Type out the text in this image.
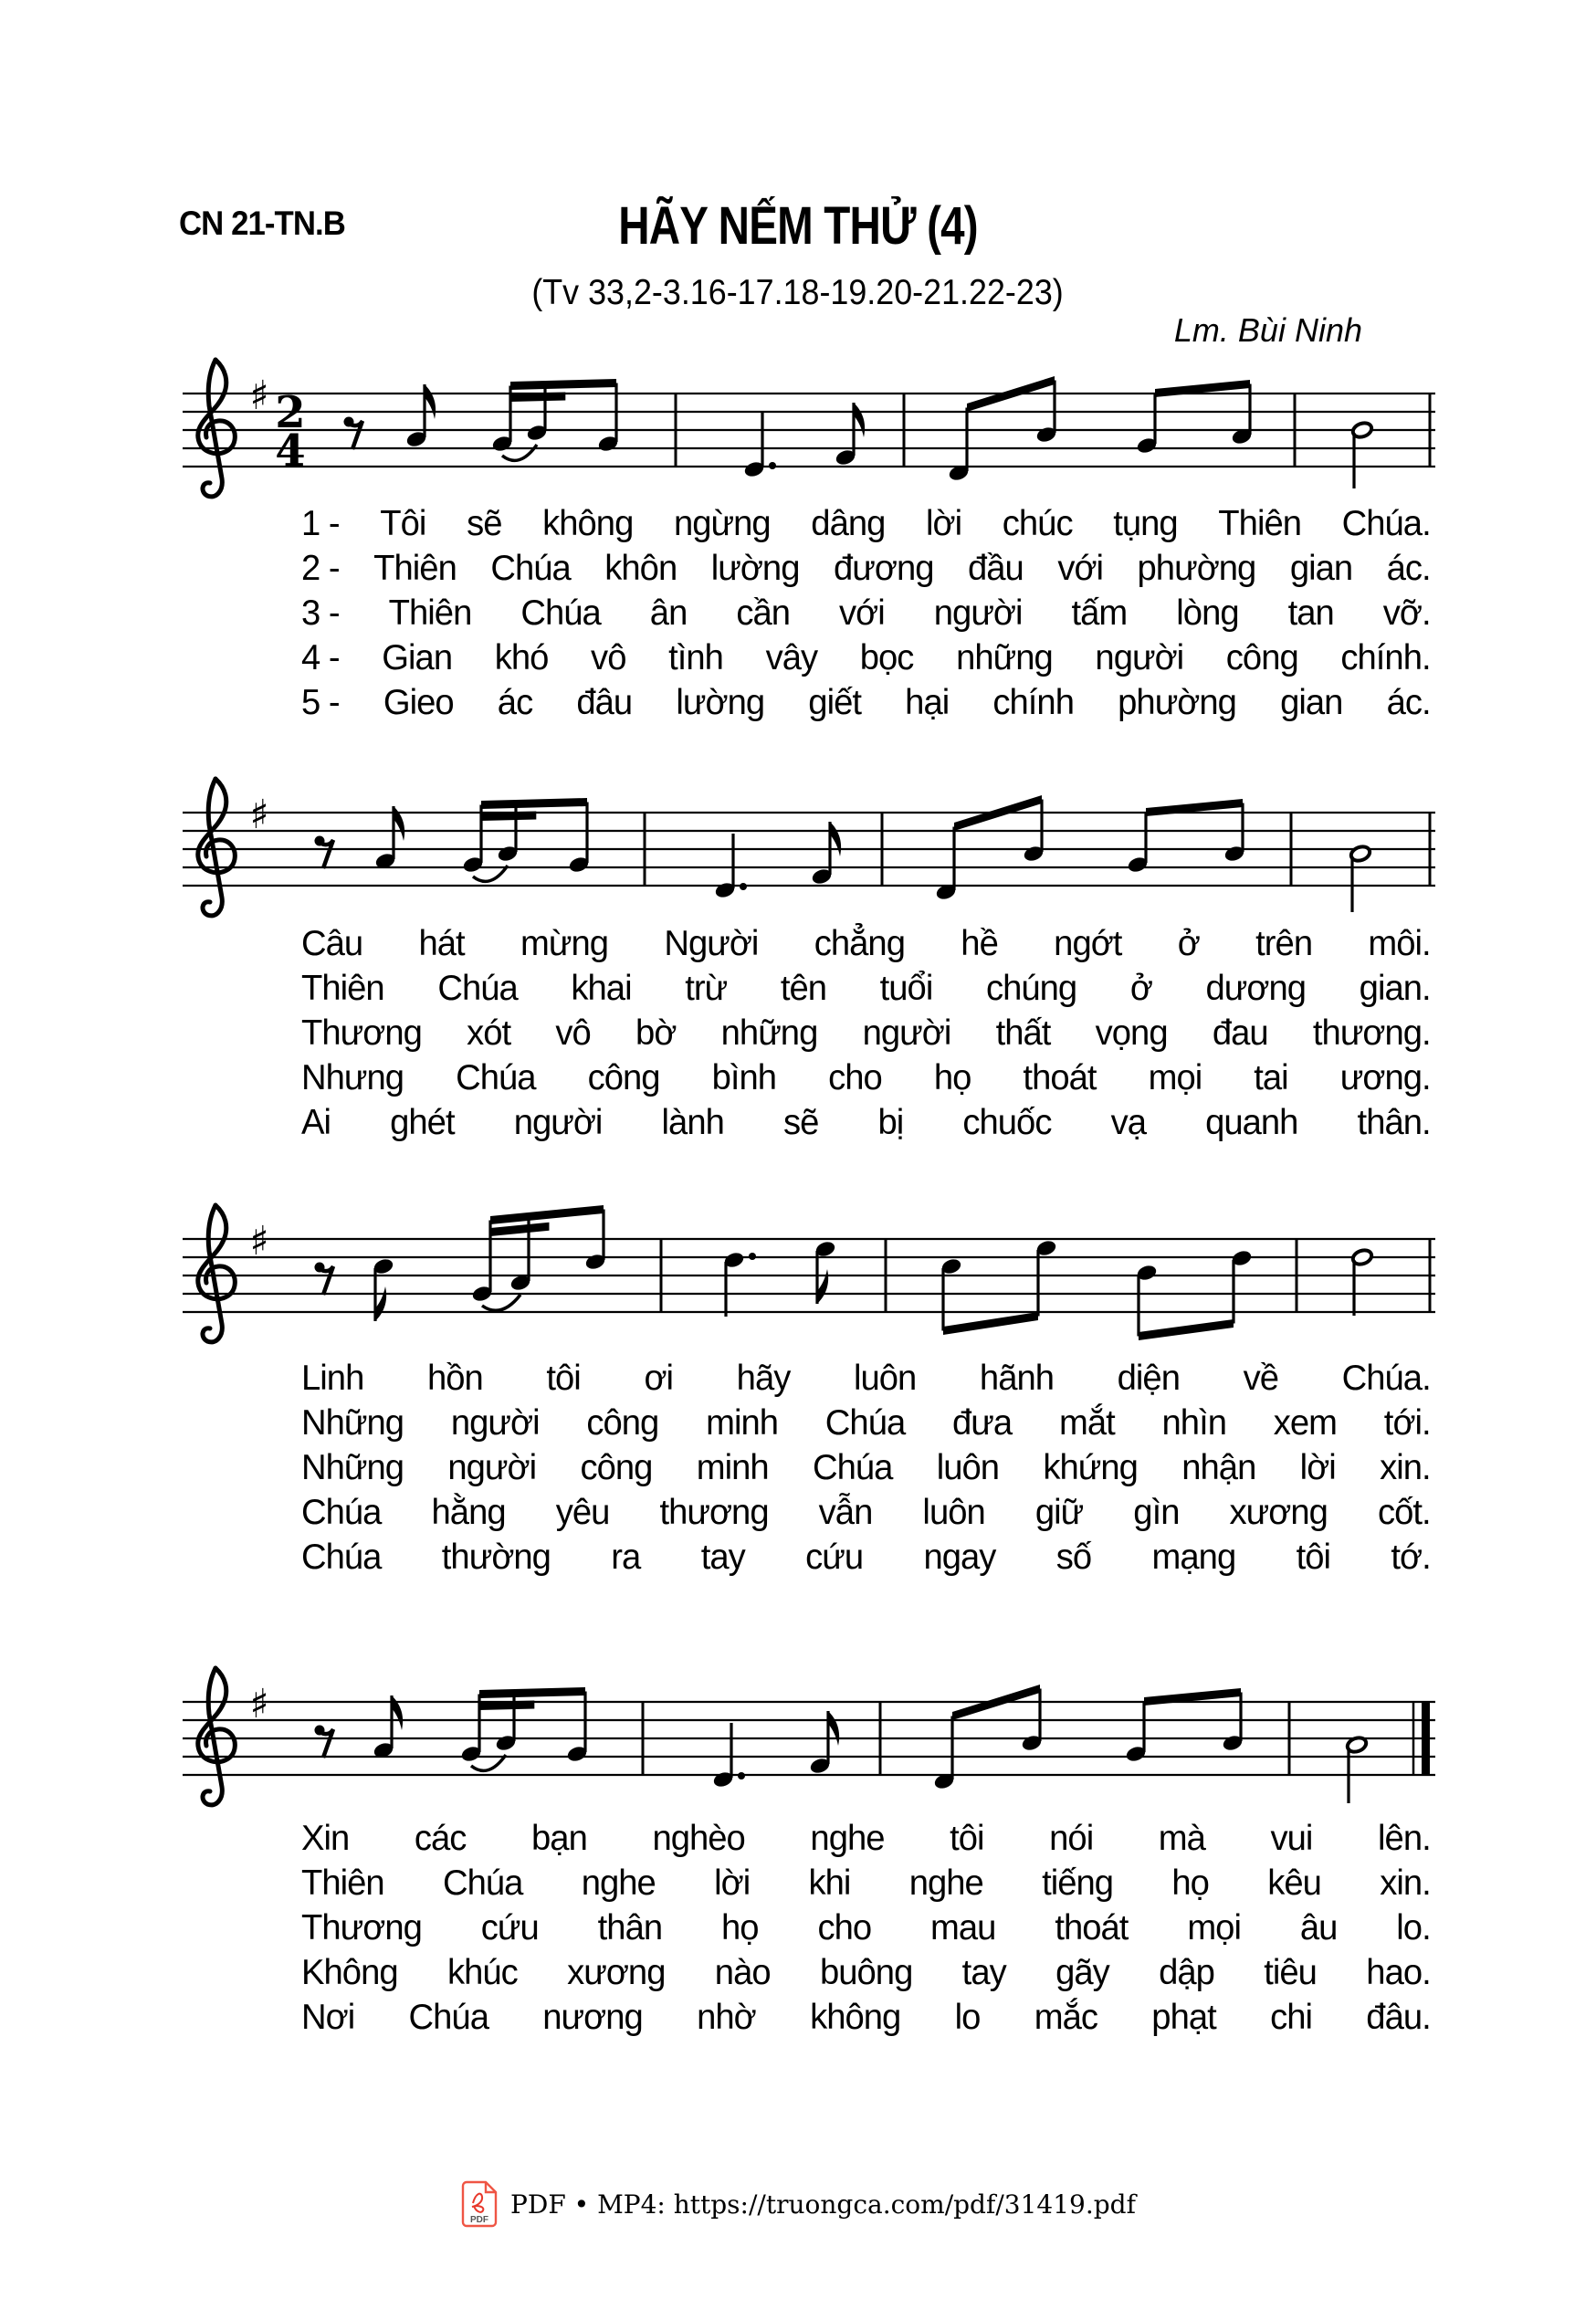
CN 21-TN.B	HÃY NẾM THỬ (4)
(Tv 33,2-3.16-17.18-19.20-21.22-23)
Lm. Bùi Ninh
♯ 2
4
1 - Tôi sẽ không ngừng dâng lời chúc tụng Thiên Chúa.
2 - Thiên Chúa khôn lường đương đầu với phường gian ác.
3 - Thiên Chúa ân cần với người tấm lòng tan vỡ.
4 - Gian khó vô tình vây bọc những người công chính.
5 - Gieo ác đâu lường giết hại chính phường gian ác.
♯
Câu hát mừng Người chẳng hề ngớt ở trên môi.
Thiên Chúa khai trừ tên tuổi chúng ở dương gian.
Thương xót vô bờ những người thất vọng đau thương.
Nhưng Chúa công bình cho họ thoát mọi tai ương.
Ai ghét người lành sẽ bị chuốc vạ quanh thân.
♯
Linh hồn tôi ơi hãy luôn hãnh diện về Chúa.
Những người công minh Chúa đưa mắt nhìn xem tới.
Những người công minh Chúa luôn khứng nhận lời xin.
Chúa hằng yêu thương vẫn luôn giữ gìn xương cốt.
Chúa thường ra tay cứu ngay số mạng tôi tớ.
♯
Xin các bạn nghèo nghe tôi nói mà vui lên.
Thiên Chúa nghe lời khi nghe tiếng họ kêu xin.
Thương cứu thân họ cho mau thoát mọi âu lo.
Không khúc xương nào buông tay gãy dập tiêu hao.
Nơi Chúa nương nhờ không lo mắc phạt chi đâu.
PDF
PDF • MP4: https://truongca.com/pdf/31419.pdf
